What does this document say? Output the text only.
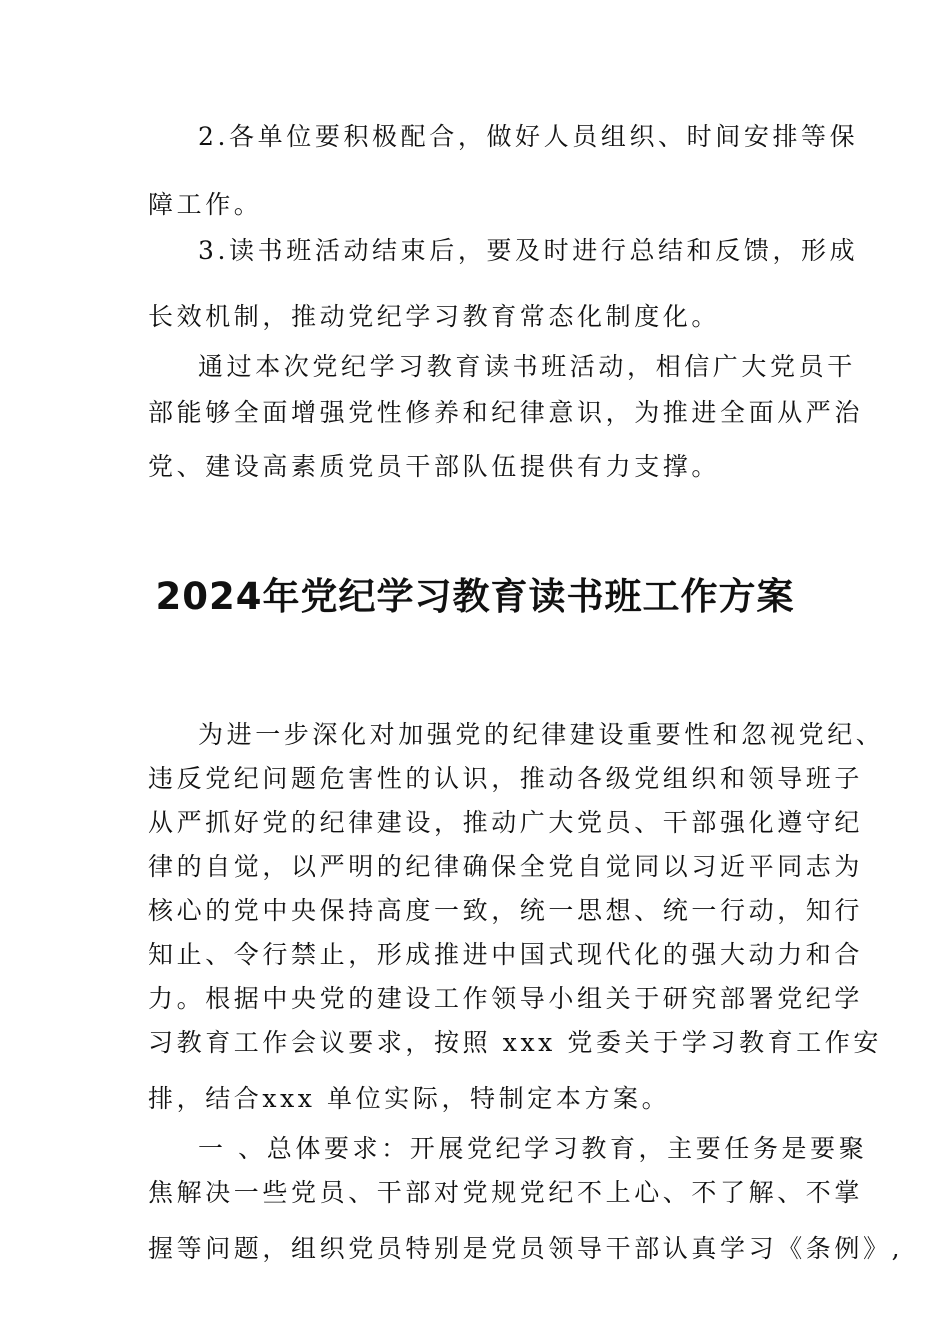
2.各单位要积极配合，做好人员组织、时间安排等保
障工作。
3.读书班活动结束后，要及时进行总结和反馈，形成
长效机制，推动党纪学习教育常态化制度化。
通过本次党纪学习教育读书班活动，相信广大党员干
部能够全面增强党性修养和纪律意识，为推进全面从严治
党、建设高素质党员干部队伍提供有力支撑。
2024年党纪学习教育读书班工作方案
为进一步深化对加强党的纪律建设重要性和忽视党纪、
违反党纪问题危害性的认识，推动各级党组织和领导班子
从严抓好党的纪律建设，推动广大党员、干部强化遵守纪
律的自觉，以严明的纪律确保全党自觉同以习近平同志为
核心的党中央保持高度一致，统一思想、统一行动，知行
知止、令行禁止，形成推进中国式现代化的强大动力和合
力。根据中央党的建设工作领导小组关于研究部署党纪学
习教育工作会议要求，按照 xxx 党委关于学习教育工作安
排，结合xxx 单位实际，特制定本方案。
一 、总体要求：开展党纪学习教育，主要任务是要聚
焦解决一些党员、干部对党规党纪不上心、不了解、不掌
握等问题，组织党员特别是党员领导干部认真学习《条例》,
